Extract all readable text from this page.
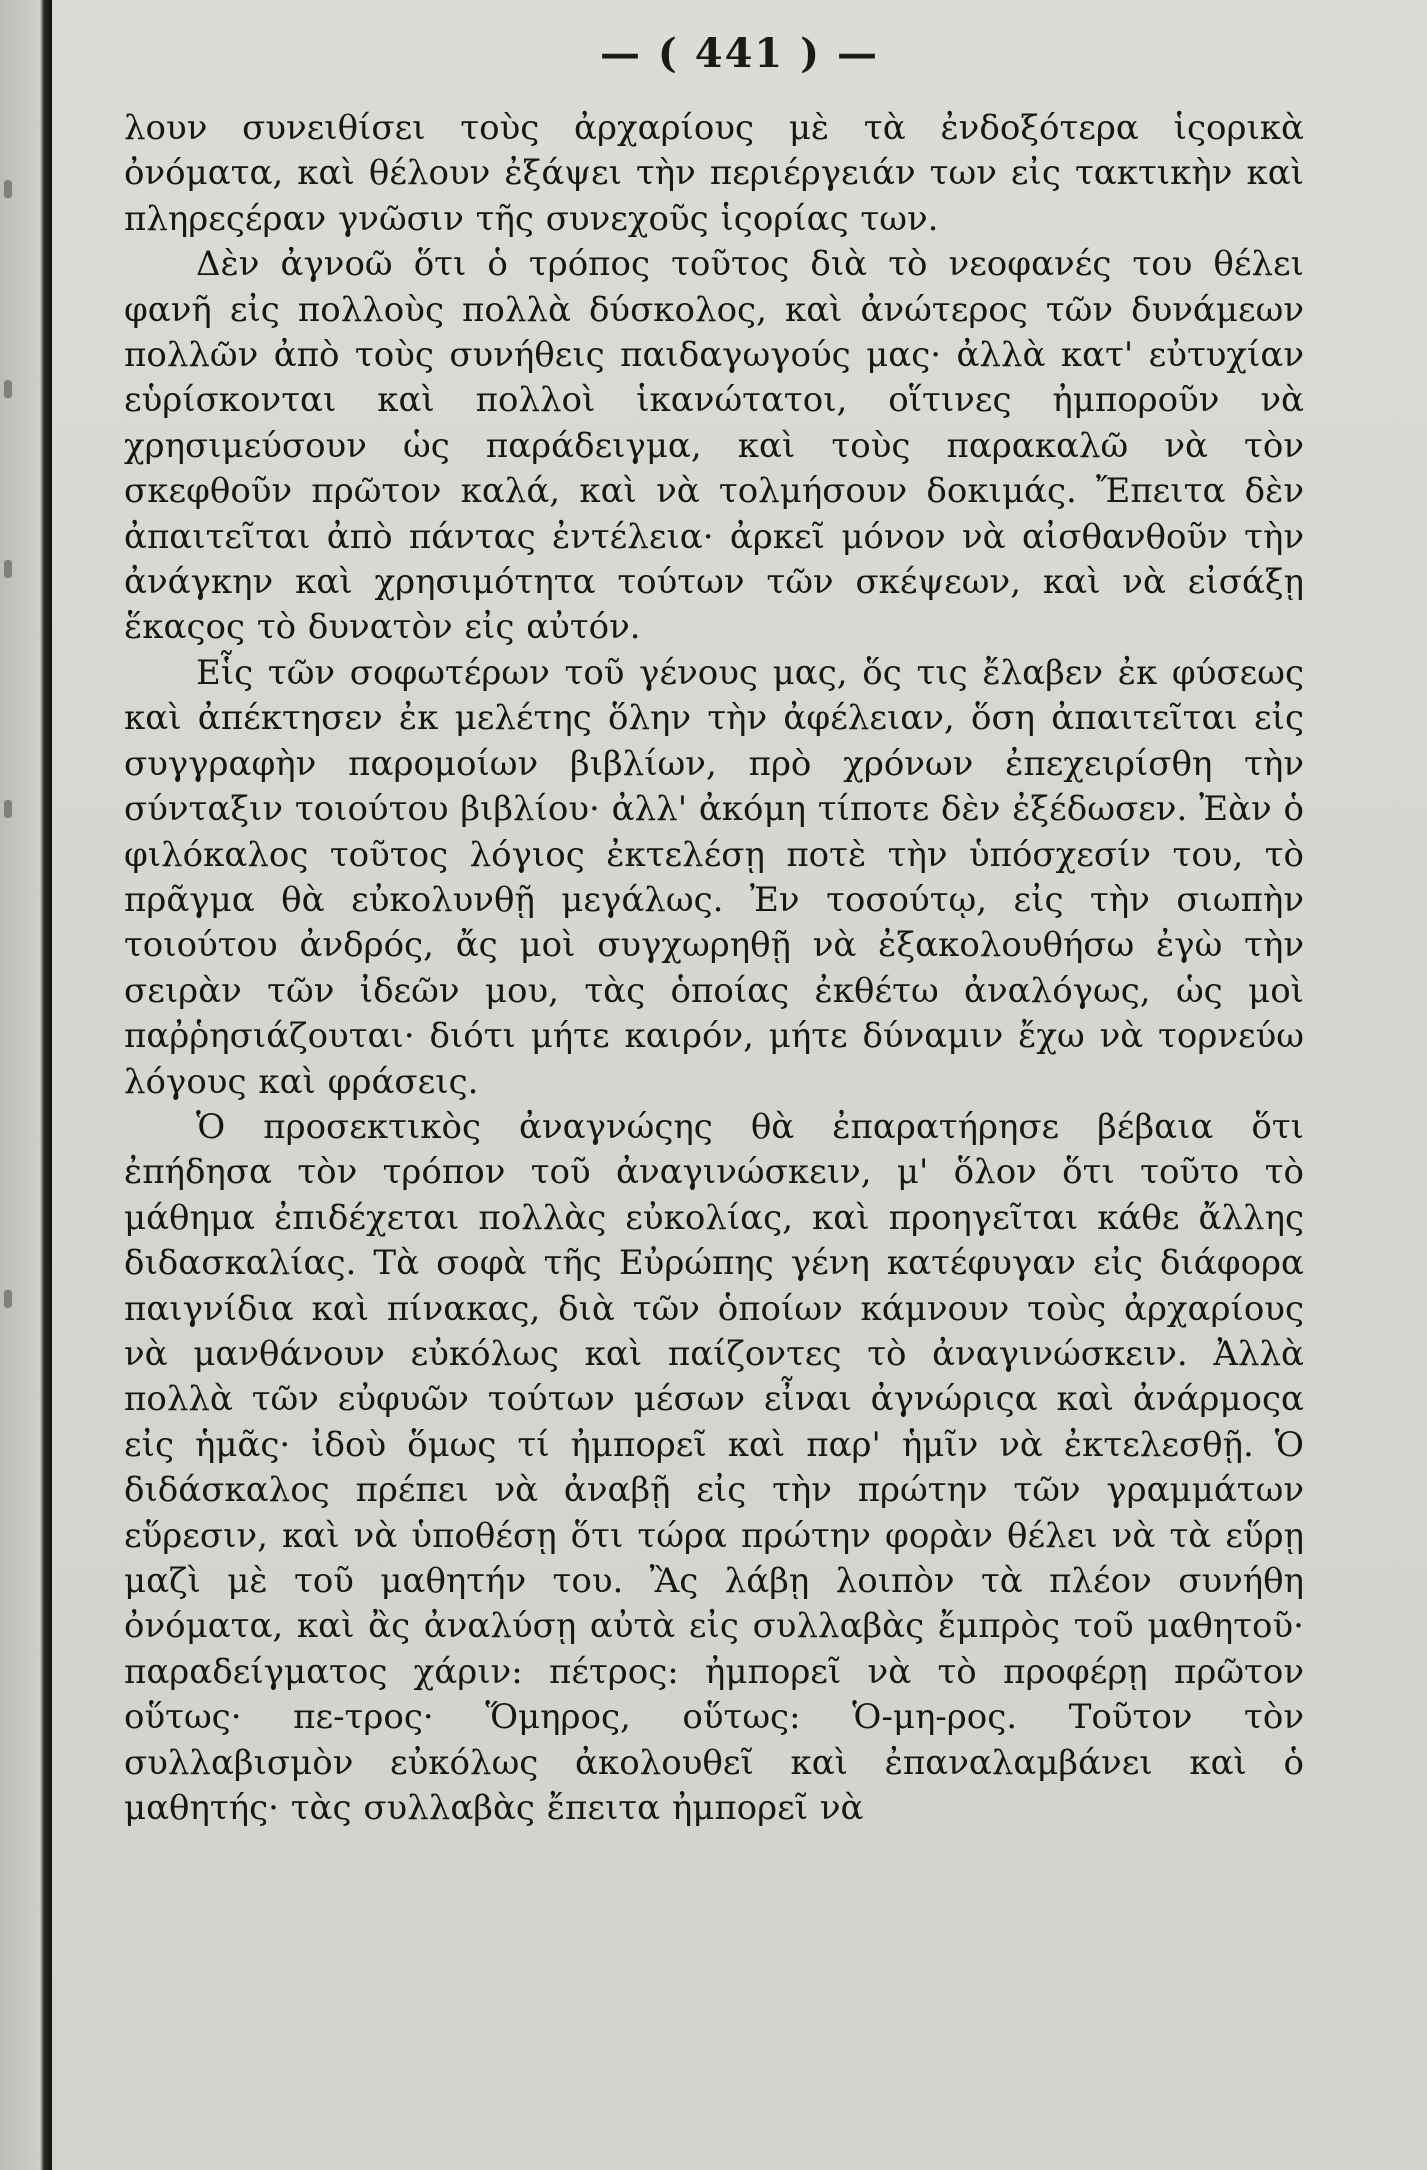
— ( 441 ) —

λουν συνειθίσει τοὺς ἀρχαρίους μὲ τὰ ἐνδοξότερα ἱςορικὰ ὀνόματα, καὶ θέλουν ἐξάψει τὴν περιέργειάν των εἰς τακτικὴν καὶ πληρεςέραν γνῶσιν τῆς συνεχοῦς ἱςορίας των.

Δὲν ἀγνοῶ ὅτι ὁ τρόπος τοῦτος διὰ τὸ νεοφανές του θέλει φανῆ εἰς πολλοὺς πολλὰ δύσκολος, καὶ ἀνώτερος τῶν δυνάμεων πολλῶν ἀπὸ τοὺς συνήθεις παιδαγωγούς μας· ἀλλὰ κατ' εὐτυχίαν εὑρίσκονται καὶ πολλοὶ ἱκανώτατοι, οἵτινες ἠμποροῦν νὰ χρησιμεύσουν ὡς παράδειγμα, καὶ τοὺς παρακαλῶ νὰ τὸν σκεφθοῦν πρῶτον καλά, καὶ νὰ τολμήσουν δοκιμάς. Ἔπειτα δὲν ἀπαιτεῖται ἀπὸ πάντας ἐντέλεια· ἀρκεῖ μόνον νὰ αἰσθανθοῦν τὴν ἀνάγκην καὶ χρησιμότητα τούτων τῶν σκέψεων, καὶ νὰ εἰσάξῃ ἕκαςος τὸ δυνατὸν εἰς αὐτόν.

Εἷς τῶν σοφωτέρων τοῦ γένους μας, ὅς τις ἔλαβεν ἐκ φύσεως καὶ ἀπέκτησεν ἐκ μελέτης ὅλην τὴν ἀφέλειαν, ὅση ἀπαιτεῖται εἰς συγγραφὴν παρομοίων βιβλίων, πρὸ χρόνων ἐπεχειρίσθη τὴν σύνταξιν τοιούτου βιβλίου· ἀλλ' ἀκόμη τίποτε δὲν ἐξέδωσεν. Ἐὰν ὁ φιλόκαλος τοῦτος λόγιος ἐκτελέσῃ ποτὲ τὴν ὑπόσχεσίν του, τὸ πρᾶγμα θὰ εὐκολυνθῇ μεγάλως. Ἐν τοσούτῳ, εἰς τὴν σιωπὴν τοιούτου ἀνδρός, ἄς μοὶ συγχωρηθῇ νὰ ἐξακολουθήσω ἐγὼ τὴν σειρὰν τῶν ἰδεῶν μου, τὰς ὁποίας ἐκθέτω ἀναλόγως, ὡς μοὶ παῤῥησιάζουται· διότι μήτε καιρόν, μήτε δύναμιν ἔχω νὰ τορνεύω λόγους καὶ φράσεις.

Ὁ προσεκτικὸς ἀναγνώςης θὰ ἐπαρατήρησε βέβαια ὅτι ἐπήδησα τὸν τρόπον τοῦ ἀναγινώσκειν, μ' ὅλον ὅτι τοῦτο τὸ μάθημα ἐπιδέχεται πολλὰς εὐκολίας, καὶ προηγεῖται κάθε ἄλλης διδασκαλίας. Τὰ σοφὰ τῆς Εὐρώπης γένη κατέφυγαν εἰς διάφορα παιγνίδια καὶ πίνακας, διὰ τῶν ὁποίων κάμνουν τοὺς ἀρχαρίους νὰ μανθάνουν εὐκόλως καὶ παίζοντες τὸ ἀναγινώσκειν. Ἀλλὰ πολλὰ τῶν εὐφυῶν τούτων μέσων εἶναι ἀγνώριςα καὶ ἀνάρμοςα εἰς ἡμᾶς· ἰδοὺ ὅμως τί ἠμπορεῖ καὶ παρ' ἡμῖν νὰ ἐκτελεσθῇ. Ὁ διδάσκαλος πρέπει νὰ ἀναβῇ εἰς τὴν πρώτην τῶν γραμμάτων εὕρεσιν, καὶ νὰ ὑποθέσῃ ὅτι τώρα πρώτην φορὰν θέλει νὰ τὰ εὕρῃ μαζὶ μὲ τοῦ μαθητήν του. Ἂς λάβῃ λοιπὸν τὰ πλέον συνήθη ὀνόματα, καὶ ἂς ἀναλύσῃ αὐτὰ εἰς συλλαβὰς ἔμπρὸς τοῦ μαθητοῦ· παραδείγματος χάριν: πέτρος: ἠμπορεῖ νὰ τὸ προφέρῃ πρῶτον οὕτως· πε-τρος· Ὅμηρος, οὕτως: Ὁ-μη-ρος. Τοῦτον τὸν συλλαβισμὸν εὐκόλως ἀκολουθεῖ καὶ ἐπαναλαμβάνει καὶ ὁ μαθητής· τὰς συλλαβὰς ἔπειτα ἠμπορεῖ νὰ
